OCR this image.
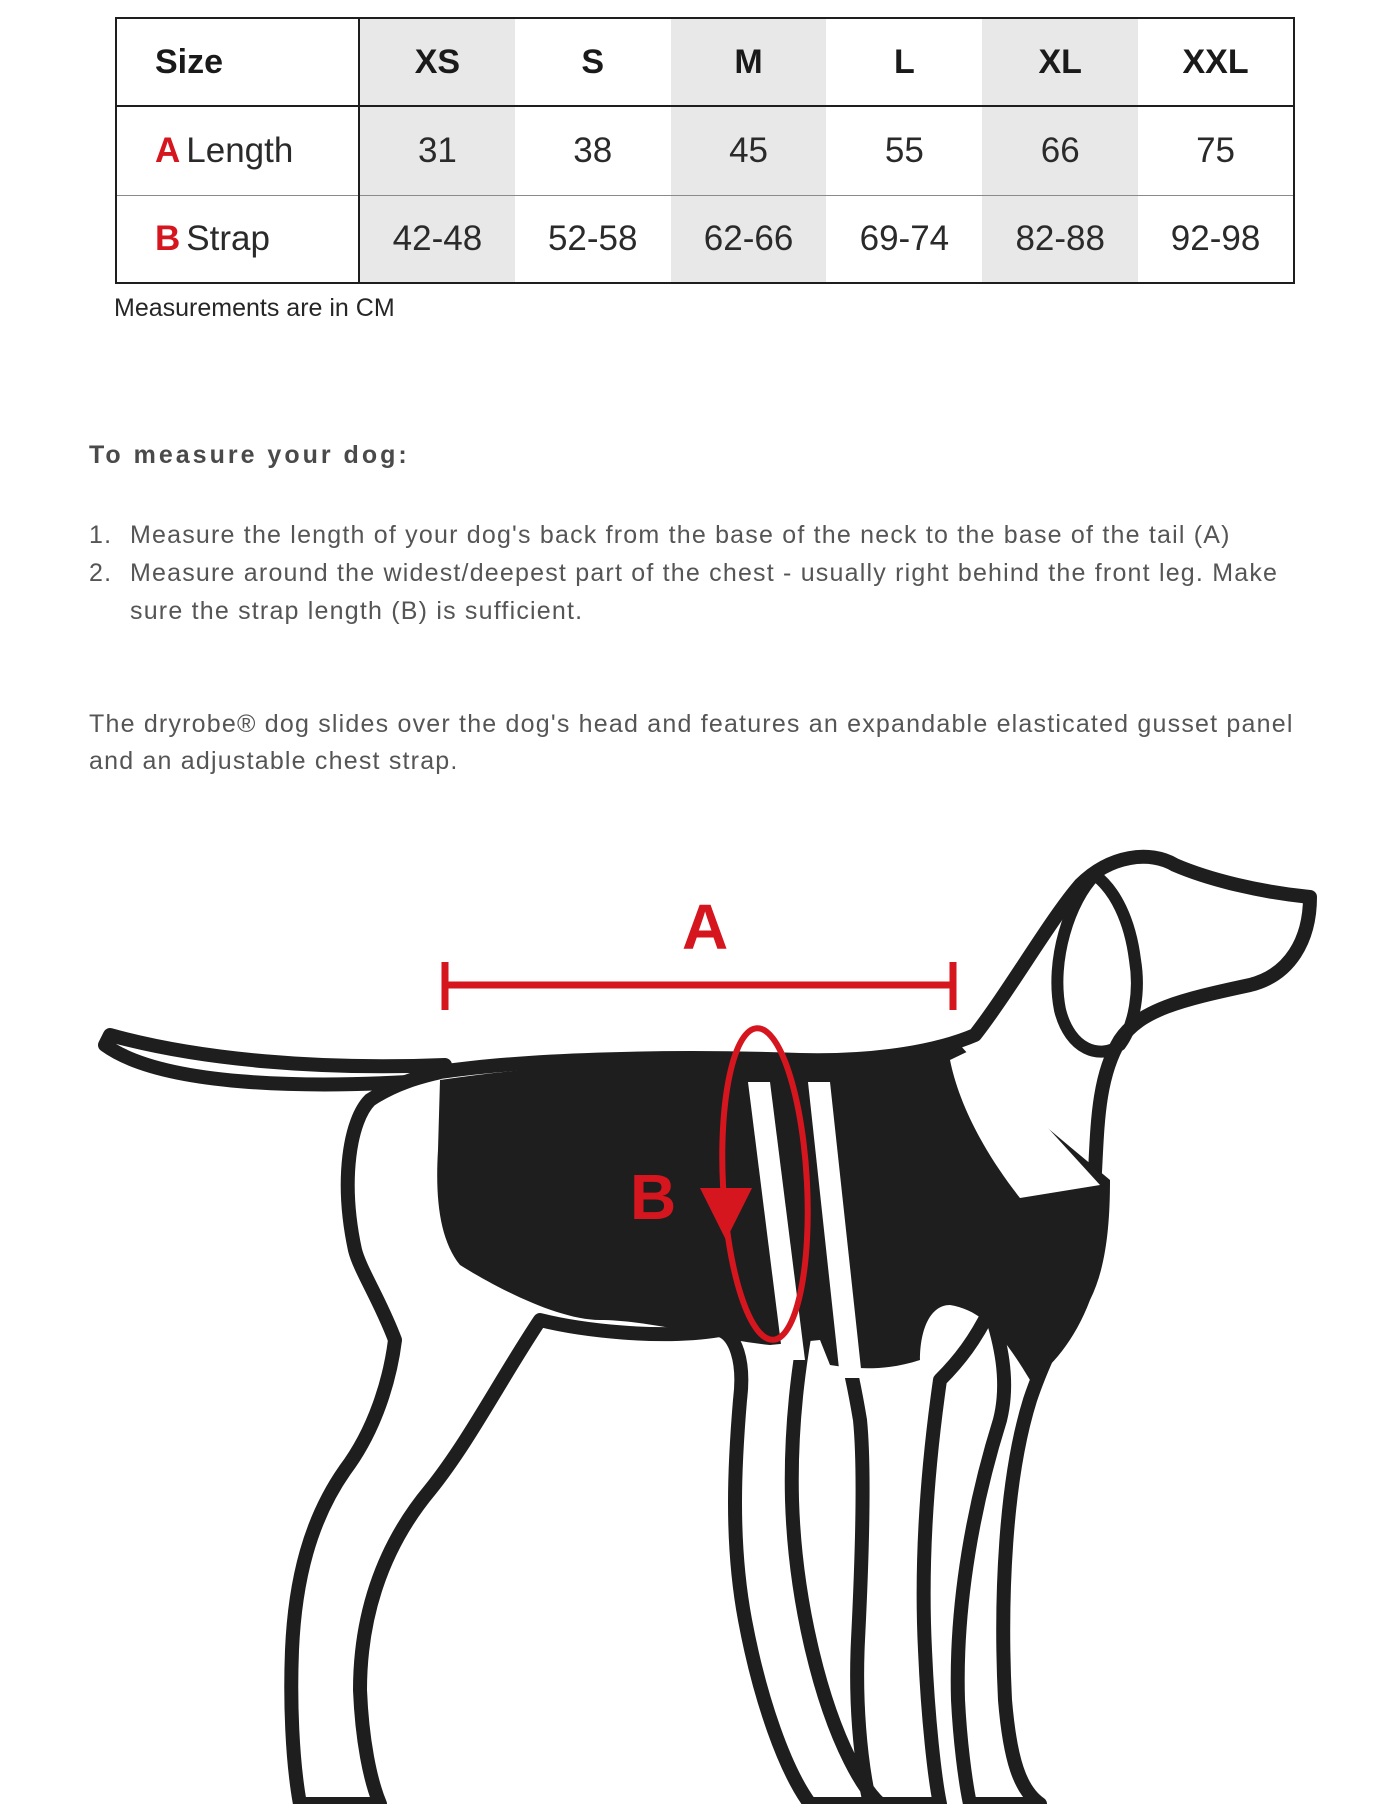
Size	XS	S	M	L	XL	XXL
A Length	31	38	45	55	66	75
B Strap	42-48	52-58	62-66	69-74	82-88	92-98
Measurements are in CM
To measure your dog:
1. Measure the length of your dog's back from the base of the neck to the base of the tail (A)
2. Measure around the widest/deepest part of the chest - usually right behind the front leg. Make sure the strap length (B) is sufficient.

The dryrobe® dog slides over the dog's head and features an expandable elasticated gusset panel and an adjustable chest strap.

A
B
